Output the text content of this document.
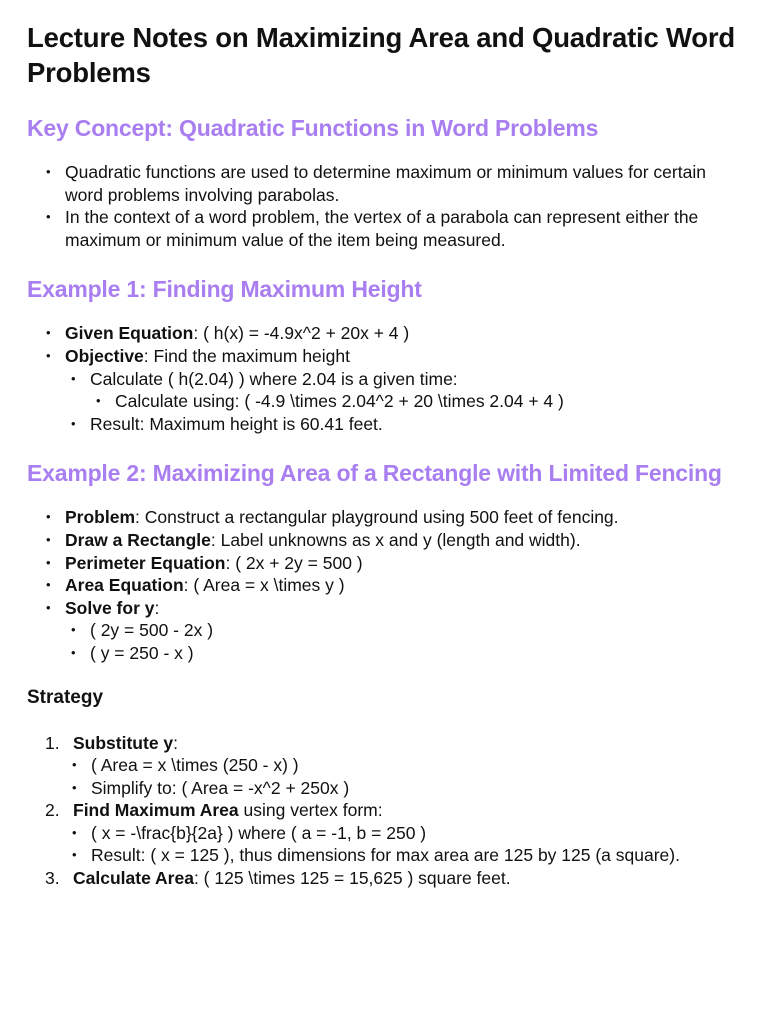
Lecture Notes on Maximizing Area and Quadratic Word Problems
Key Concept: Quadratic Functions in Word Problems
• Quadratic functions are used to determine maximum or minimum values for certain word problems involving parabolas.
• In the context of a word problem, the vertex of a parabola can represent either the maximum or minimum value of the item being measured.
Example 1: Finding Maximum Height
• Given Equation: ( h(x) = -4.9x^2 + 20x + 4 )
• Objective: Find the maximum height
• Calculate ( h(2.04) ) where 2.04 is a given time:
• Calculate using: ( -4.9 \times 2.04^2 + 20 \times 2.04 + 4 )
• Result: Maximum height is 60.41 feet.
Example 2: Maximizing Area of a Rectangle with Limited Fencing
• Problem: Construct a rectangular playground using 500 feet of fencing.
• Draw a Rectangle: Label unknowns as x and y (length and width).
• Perimeter Equation: ( 2x + 2y = 500 )
• Area Equation: ( Area = x \times y )
• Solve for y:
• ( 2y = 500 - 2x )
• ( y = 250 - x )
Strategy
1. Substitute y:
• ( Area = x \times (250 - x) )
• Simplify to: ( Area = -x^2 + 250x )
2. Find Maximum Area using vertex form:
• ( x = -\frac{b}{2a} ) where ( a = -1, b = 250 )
• Result: ( x = 125 ), thus dimensions for max area are 125 by 125 (a square).
3. Calculate Area: ( 125 \times 125 = 15,625 ) square feet.
